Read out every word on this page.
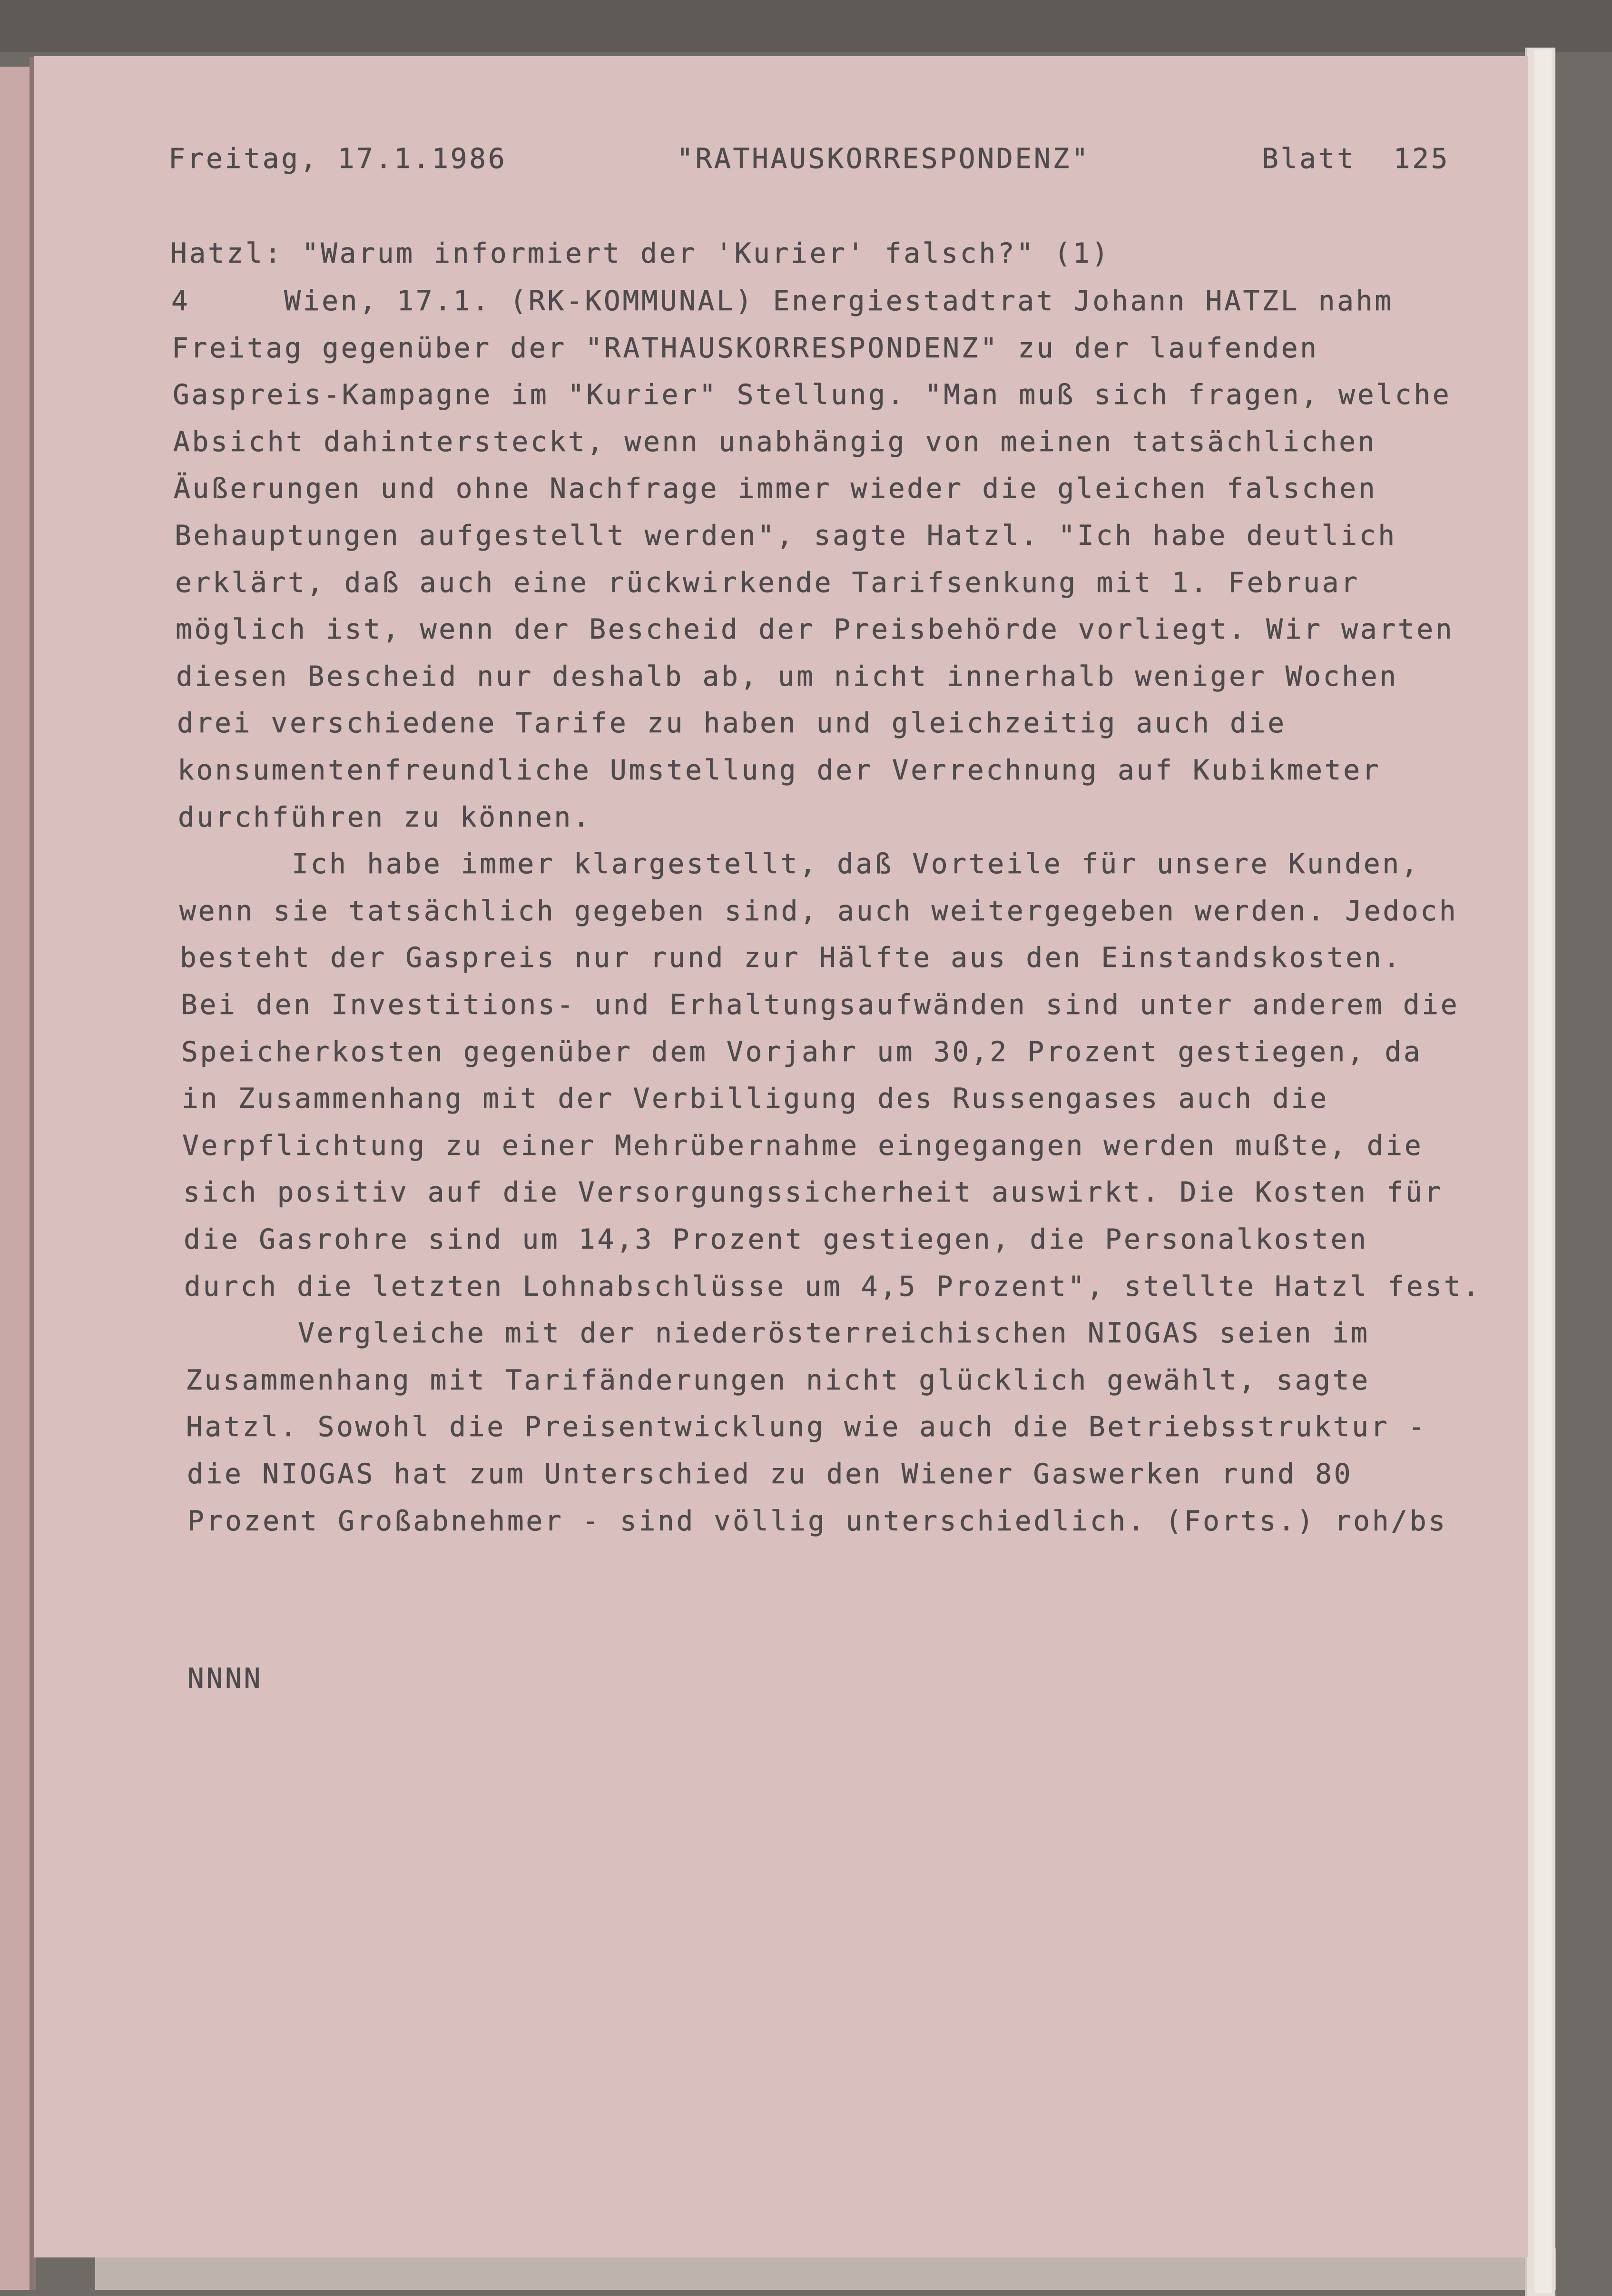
Freitag, 17.1.1986	"RATHAUSKORRESPONDENZ"	Blatt  125
Hatzl: "Warum informiert der 'Kurier' falsch?" (1)
4     Wien, 17.1. (RK-KOMMUNAL) Energiestadtrat Johann HATZL nahm
Freitag gegenüber der "RATHAUSKORRESPONDENZ" zu der laufenden
Gaspreis-Kampagne im "Kurier" Stellung. "Man muß sich fragen, welche
Absicht dahintersteckt, wenn unabhängig von meinen tatsächlichen
Äußerungen und ohne Nachfrage immer wieder die gleichen falschen
Behauptungen aufgestellt werden", sagte Hatzl. "Ich habe deutlich
erklärt, daß auch eine rückwirkende Tarifsenkung mit 1. Februar
möglich ist, wenn der Bescheid der Preisbehörde vorliegt. Wir warten
diesen Bescheid nur deshalb ab, um nicht innerhalb weniger Wochen
drei verschiedene Tarife zu haben und gleichzeitig auch die
konsumentenfreundliche Umstellung der Verrechnung auf Kubikmeter
durchführen zu können.
Ich habe immer klargestellt, daß Vorteile für unsere Kunden,
wenn sie tatsächlich gegeben sind, auch weitergegeben werden. Jedoch
besteht der Gaspreis nur rund zur Hälfte aus den Einstandskosten.
Bei den Investitions- und Erhaltungsaufwänden sind unter anderem die
Speicherkosten gegenüber dem Vorjahr um 30,2 Prozent gestiegen, da
in Zusammenhang mit der Verbilligung des Russengases auch die
Verpflichtung zu einer Mehrübernahme eingegangen werden mußte, die
sich positiv auf die Versorgungssicherheit auswirkt. Die Kosten für
die Gasrohre sind um 14,3 Prozent gestiegen, die Personalkosten
durch die letzten Lohnabschlüsse um 4,5 Prozent", stellte Hatzl fest.
Vergleiche mit der niederösterreichischen NIOGAS seien im
Zusammenhang mit Tarifänderungen nicht glücklich gewählt, sagte
Hatzl. Sowohl die Preisentwicklung wie auch die Betriebsstruktur -
die NIOGAS hat zum Unterschied zu den Wiener Gaswerken rund 80
Prozent Großabnehmer - sind völlig unterschiedlich. (Forts.) roh/bs
NNNN
